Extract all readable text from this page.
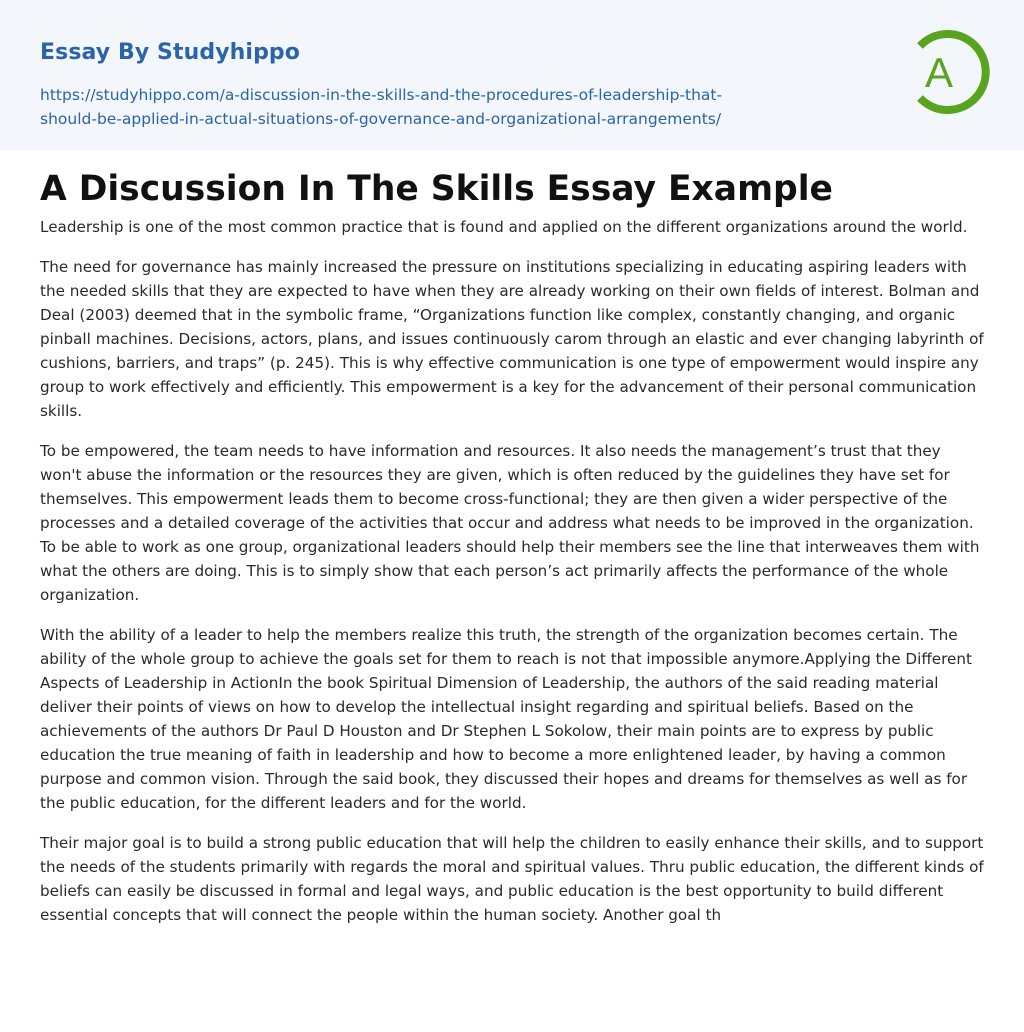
Essay By Studyhippo
https://studyhippo.com/a-discussion-in-the-skills-and-the-procedures-of-leadership-that-
should-be-applied-in-actual-situations-of-governance-and-organizational-arrangements/
A
A Discussion In The Skills Essay Example

Leadership is one of the most common practice that is found and applied on the different organizations around the world.

The need for governance has mainly increased the pressure on institutions specializing in educating aspiring leaders with the needed skills that they are expected to have when they are already working on their own fields of interest. Bolman and Deal (2003) deemed that in the symbolic frame, “Organizations function like complex, constantly changing, and organic pinball machines. Decisions, actors, plans, and issues continuously carom through an elastic and ever changing labyrinth of cushions, barriers, and traps” (p. 245). This is why effective communication is one type of empowerment would inspire any group to work effectively and efficiently. This empowerment is a key for the advancement of their personal communication skills.

To be empowered, the team needs to have information and resources. It also needs the management’s trust that they won't abuse the information or the resources they are given, which is often reduced by the guidelines they have set for themselves. This empowerment leads them to become cross-functional; they are then given a wider perspective of the processes and a detailed coverage of the activities that occur and address what needs to be improved in the organization. To be able to work as one group, organizational leaders should help their members see the line that interweaves them with what the others are doing. This is to simply show that each person’s act primarily affects the performance of the whole organization.

With the ability of a leader to help the members realize this truth, the strength of the organization becomes certain. The ability of the whole group to achieve the goals set for them to reach is not that impossible anymore.Applying the Different Aspects of Leadership in ActionIn the book Spiritual Dimension of Leadership, the authors of the said reading material deliver their points of views on how to develop the intellectual insight regarding and spiritual beliefs. Based on the achievements of the authors Dr Paul D Houston and Dr Stephen L Sokolow, their main points are to express by public education the true meaning of faith in leadership and how to become a more enlightened leader, by having a common purpose and common vision. Through the said book, they discussed their hopes and dreams for themselves as well as for the public education, for the different leaders and for the world.

Their major goal is to build a strong public education that will help the children to easily enhance their skills, and to support the needs of the students primarily with regards the moral and spiritual values. Thru public education, the different kinds of beliefs can easily be discussed in formal and legal ways, and public education is the best opportunity to build different essential concepts that will connect the people within the human society. Another goal th
